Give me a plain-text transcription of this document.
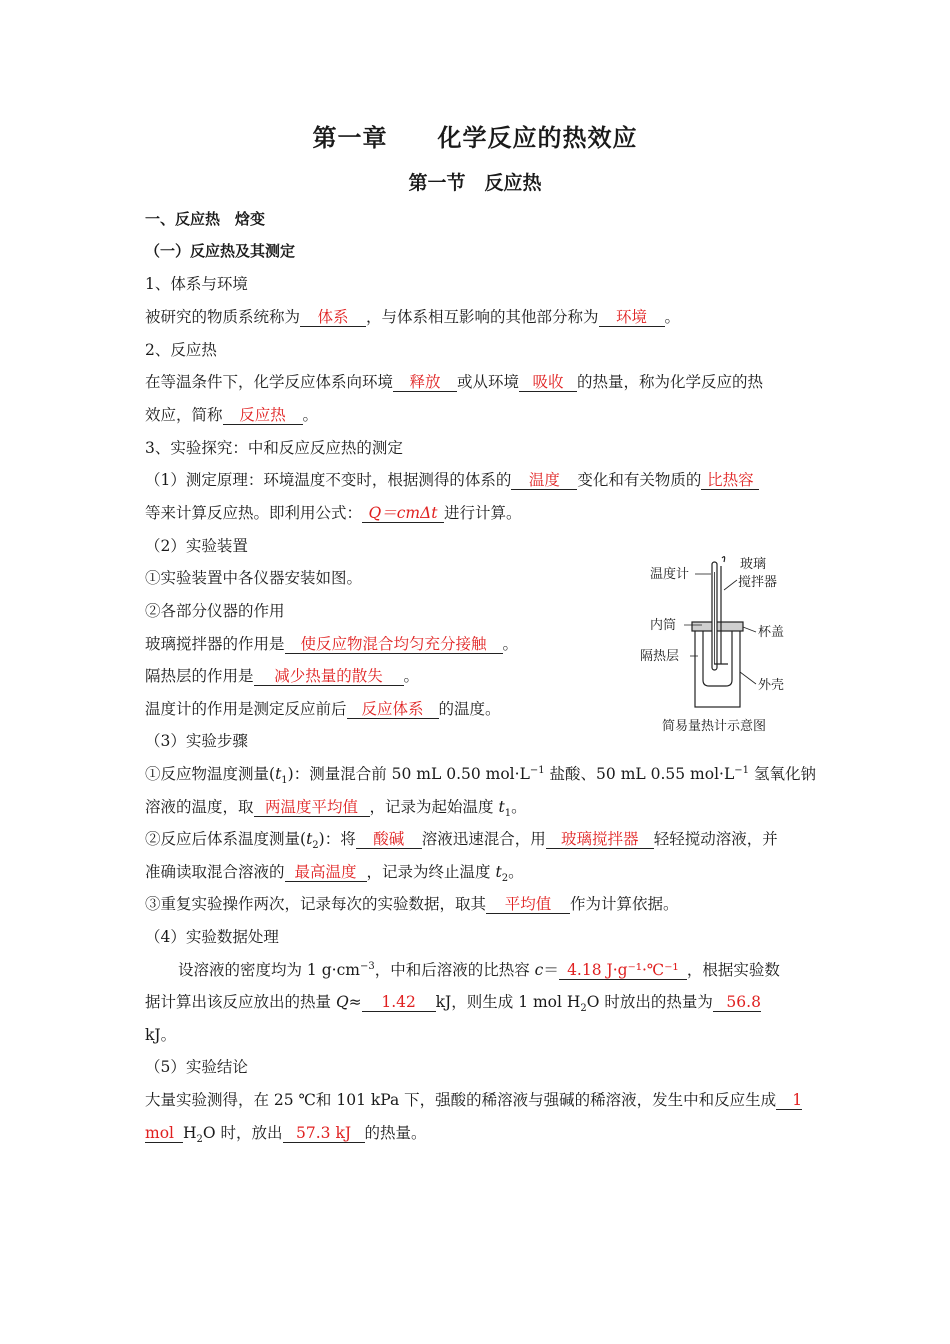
第一章　　化学反应的热效应
第一节　反应热
一、反应热　焓变
（一）反应热及其测定
1、体系与环境
被研究的物质系统称为 体系 ，与体系相互影响的其他部分称为 环境 。
2、反应热
在等温条件下，化学反应体系向环境 释放 或从环境 吸收 的热量，称为化学反应的热
效应，简称 反应热 。
3、实验探究：中和反应反应热的测定
（1）测定原理：环境温度不变时，根据测得的体系的 温度 变化和有关物质的 比热容
等来计算反应热。即利用公式： Q＝cmΔt 进行计算。
（2）实验装置
①实验装置中各仪器安装如图。
②各部分仪器的作用
玻璃搅拌器的作用是 使反应物混合均匀充分接触 。
隔热层的作用是 减少热量的散失 。
温度计的作用是测定反应前后 反应体系 的温度。
温度计
玻璃
搅拌器
内筒	杯盖
隔热层
外壳
简易量热计示意图
（3）实验步骤
①反应物温度测量$(t_1)$：测量混合前 50 mL 0.50 $mol\cdot L^{-1}$ 盐酸、50 mL 0.55 $mol\cdot L^{-1}$ 氢氧化钠
溶液的温度，取 两温度平均值 ，记录为起始温度 $t_1$。
②反应后体系温度测量$(t_2)$：将 酸碱 溶液迅速混合，用 玻璃搅拌器 轻轻搅动溶液，并
准确读取混合溶液的 最高温度 ，记录为终止温度 $t_2$。
③重复实验操作两次，记录每次的实验数据，取其 平均值 作为计算依据。
（4）实验数据处理
设溶液的密度均为 1 $g\cdot cm^{-3}$，中和后溶液的比热容 c＝ 4.18 J·g⁻¹·℃⁻¹ ，根据实验数
据计算出该反应放出的热量 Q≈ 1.42 kJ，则生成 1 mol $H_2O$ 时放出的热量为 56.8
kJ。
（5）实验结论
大量实验测得，在 25 ℃和 101 kPa 下，强酸的稀溶液与强碱的稀溶液，发生中和反应生成 1
mol $H_2O$ 时，放出 57.3 kJ 的热量。
